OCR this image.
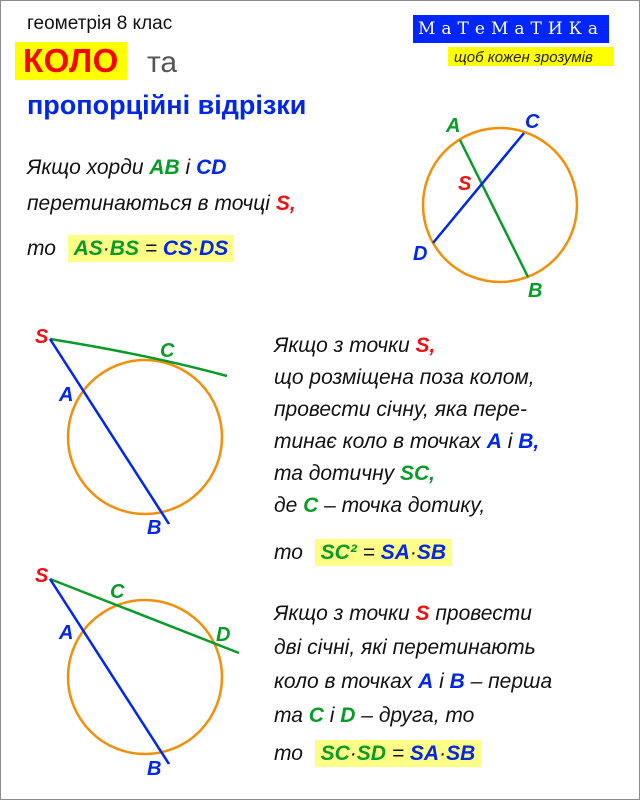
геометрія 8 клас
КОЛО та
пропорційні відрізки
МаТеМаТИКа
щоб кожен зрозумів
Якщо хорди AB і CD
перетинаються в точці S,
то AS·BS = CS·DS
A	C
S
D
B
S
C
A
B
Якщо з точки S,
що розміщена поза колом,
провести січну, яка пере-
тинає коло в точках A і B,
та дотичну SC,
де C – точка дотику,
то SC² = SA·SB
S
C
D
A
B
Якщо з точки S провести
дві січні, які перетинають
коло в точках A і B – перша
та C і D – друга, то
то SC·SD = SA·SB
